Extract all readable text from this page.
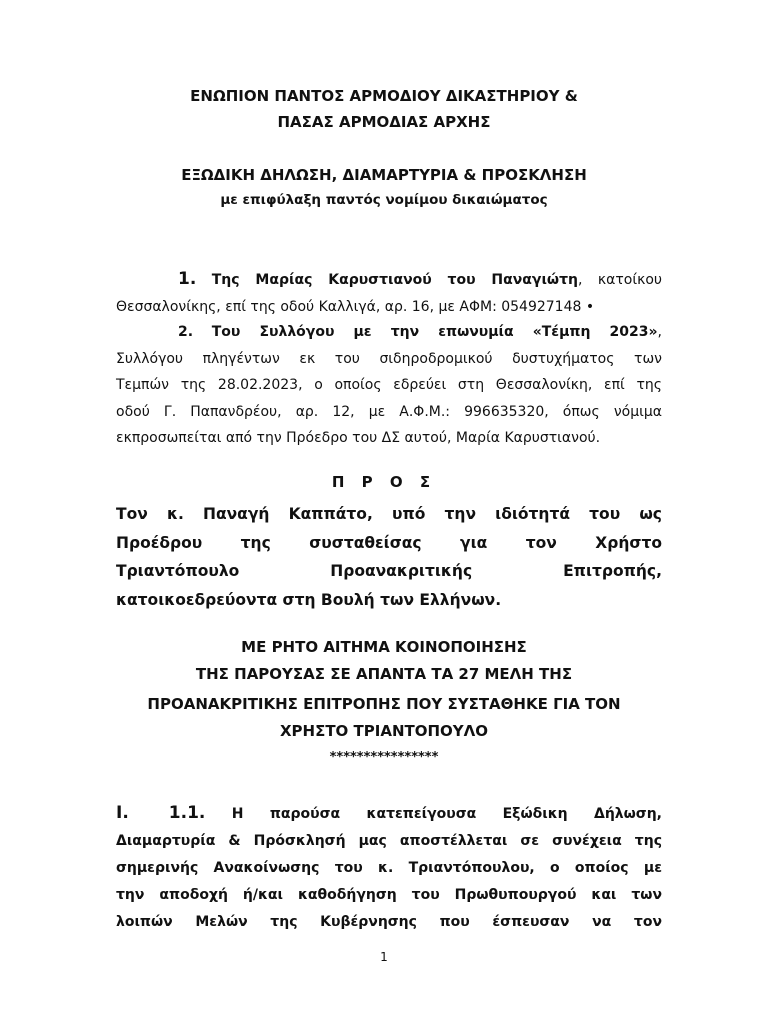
ΕΝΩΠΙΟΝ ΠΑΝΤΟΣ ΑΡΜΟΔΙΟΥ ΔΙΚΑΣΤΗΡΙΟΥ &
ΠΑΣΑΣ ΑΡΜΟΔΙΑΣ ΑΡΧΗΣ
ΕΞΩΔΙΚΗ ΔΗΛΩΣΗ, ΔΙΑΜΑΡΤΥΡΙΑ & ΠΡΟΣΚΛΗΣΗ
με επιφύλαξη παντός νομίμου δικαιώματος
1. Της Μαρίας Καρυστιανού του Παναγιώτη, κατοίκου
Θεσσαλονίκης, επί της οδού Καλλιγά, αρ. 16, με ΑΦΜ: 054927148 •
2. Του Συλλόγου με την επωνυμία «Τέμπη 2023»,
Συλλόγου πληγέντων εκ του σιδηροδρομικού δυστυχήματος των
Τεμπών της 28.02.2023, ο οποίος εδρεύει στη Θεσσαλονίκη, επί της
οδού Γ. Παπανδρέου, αρ. 12, με Α.Φ.Μ.: 996635320, όπως νόμιμα
εκπροσωπείται από την Πρόεδρο του ΔΣ αυτού, Μαρία Καρυστιανού.
Π Ρ Ο Σ
Τον κ. Παναγή Καππάτο, υπό την ιδιότητά του ως
Προέδρου της συσταθείσας για τον Χρήστο
Τριαντόπουλο Προανακριτικής Επιτροπής,
κατοικοεδρεύοντα στη Βουλή των Ελλήνων.
ΜΕ ΡΗΤΟ ΑΙΤΗΜΑ ΚΟΙΝΟΠΟΙΗΣΗΣ
ΤΗΣ ΠΑΡΟΥΣΑΣ ΣΕ ΑΠΑΝΤΑ ΤΑ 27 ΜΕΛΗ ΤΗΣ
ΠΡΟΑΝΑΚΡΙΤΙΚΗΣ ΕΠΙΤΡΟΠΗΣ ΠΟΥ ΣΥΣΤΑΘΗΚΕ ΓΙΑ ΤΟΝ
ΧΡΗΣΤΟ ΤΡΙΑΝΤΟΠΟΥΛΟ
****************
Ι. 1.1. Η παρούσα κατεπείγουσα Εξώδικη Δήλωση,
Διαμαρτυρία & Πρόσκλησή μας αποστέλλεται σε συνέχεια της
σημερινής Ανακοίνωσης του κ. Τριαντόπουλου, ο οποίος με
την αποδοχή ή/και καθοδήγηση του Πρωθυπουργού και των
λοιπών Μελών της Κυβέρνησης που έσπευσαν να τον
1
